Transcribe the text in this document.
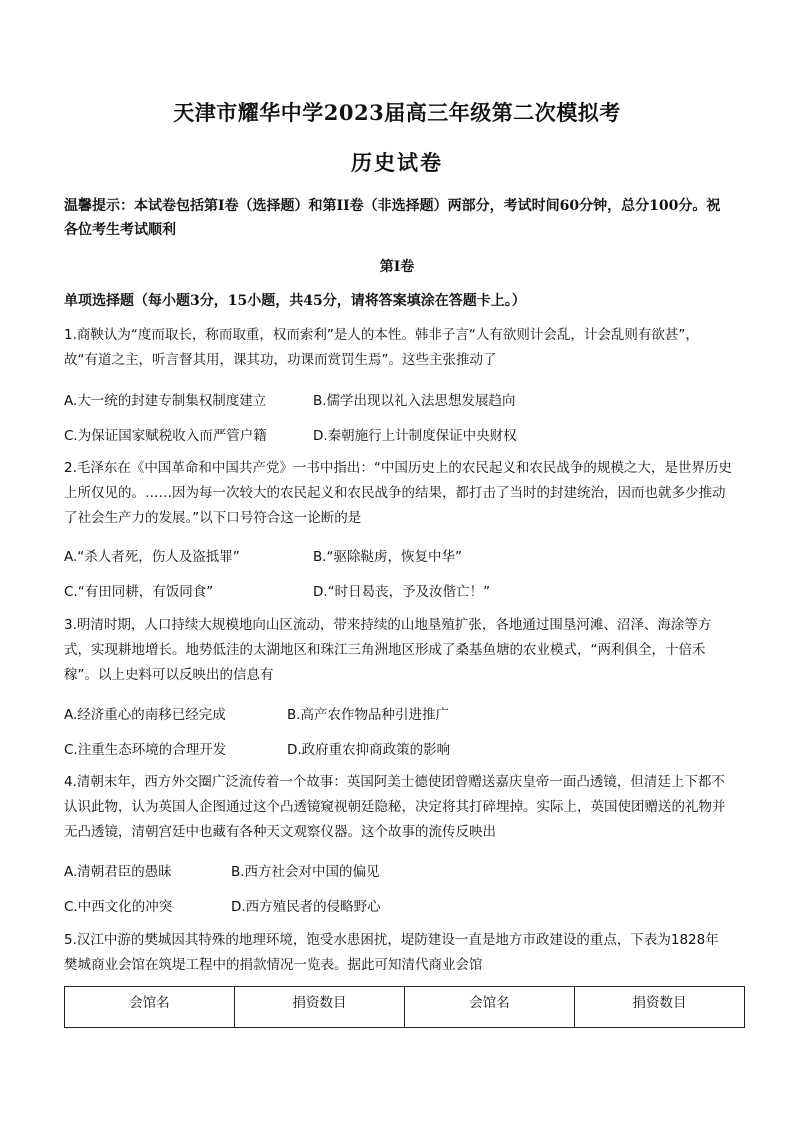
天津市耀华中学2023届高三年级第二次模拟考
历史试卷
温馨提示：本试卷包括第Ⅰ卷（选择题）和第II卷（非选择题）两部分，考试时间60分钟，总分100分。祝各位考生考试顺利
第Ⅰ卷
单项选择题（每小题3分，15小题，共45分，请将答案填涂在答题卡上。）
1.商鞅认为“度而取长，称而取重，权而索利”是人的本性。韩非子言“人有欲则计会乱，计会乱则有欲甚”，故“有道之主，听言督其用，课其功，功课而赏罚生焉”。这些主张推动了
A.大一统的封建专制集权制度建立	B.儒学出现以礼入法思想发展趋向
C.为保证国家赋税收入而严管户籍	D.秦朝施行上计制度保证中央财权
2.毛泽东在《中国革命和中国共产党》一书中指出：“中国历史上的农民起义和农民战争的规模之大，是世界历史上所仅见的。……因为每一次较大的农民起义和农民战争的结果，都打击了当时的封建统治，因而也就多少推动了社会生产力的发展。”以下口号符合这一论断的是
A.“杀人者死，伤人及盗抵罪”	B.“驱除鞑虏，恢复中华”
C.“有田同耕，有饭同食”	D.“时日曷丧，予及汝偕亡！”
3.明清时期，人口持续大规模地向山区流动，带来持续的山地垦殖扩张，各地通过围垦河滩、沼泽、海涂等方式，实现耕地增长。地势低洼的太湖地区和珠江三角洲地区形成了桑基鱼塘的农业模式，“两利俱全，十倍禾稼”。以上史料可以反映出的信息有
A.经济重心的南移已经完成	B.高产农作物品种引进推广
C.注重生态环境的合理开发	D.政府重农抑商政策的影响
4.清朝末年，西方外交圈广泛流传着一个故事：英国阿美士德使团曾赠送嘉庆皇帝一面凸透镜，但清廷上下都不认识此物，认为英国人企图通过这个凸透镜窥视朝廷隐秘，决定将其打碎埋掉。实际上，英国使团赠送的礼物并无凸透镜，清朝宫廷中也藏有各种天文观察仪器。这个故事的流传反映出
A.清朝君臣的愚昧	B.西方社会对中国的偏见
C.中西文化的冲突	D.西方殖民者的侵略野心
5.汉江中游的樊城因其特殊的地理环境，饱受水患困扰，堤防建设一直是地方市政建设的重点，下表为1828年樊城商业会馆在筑堤工程中的捐款情况一览表。据此可知清代商业会馆
会馆名	捐资数目	会馆名	捐资数目
